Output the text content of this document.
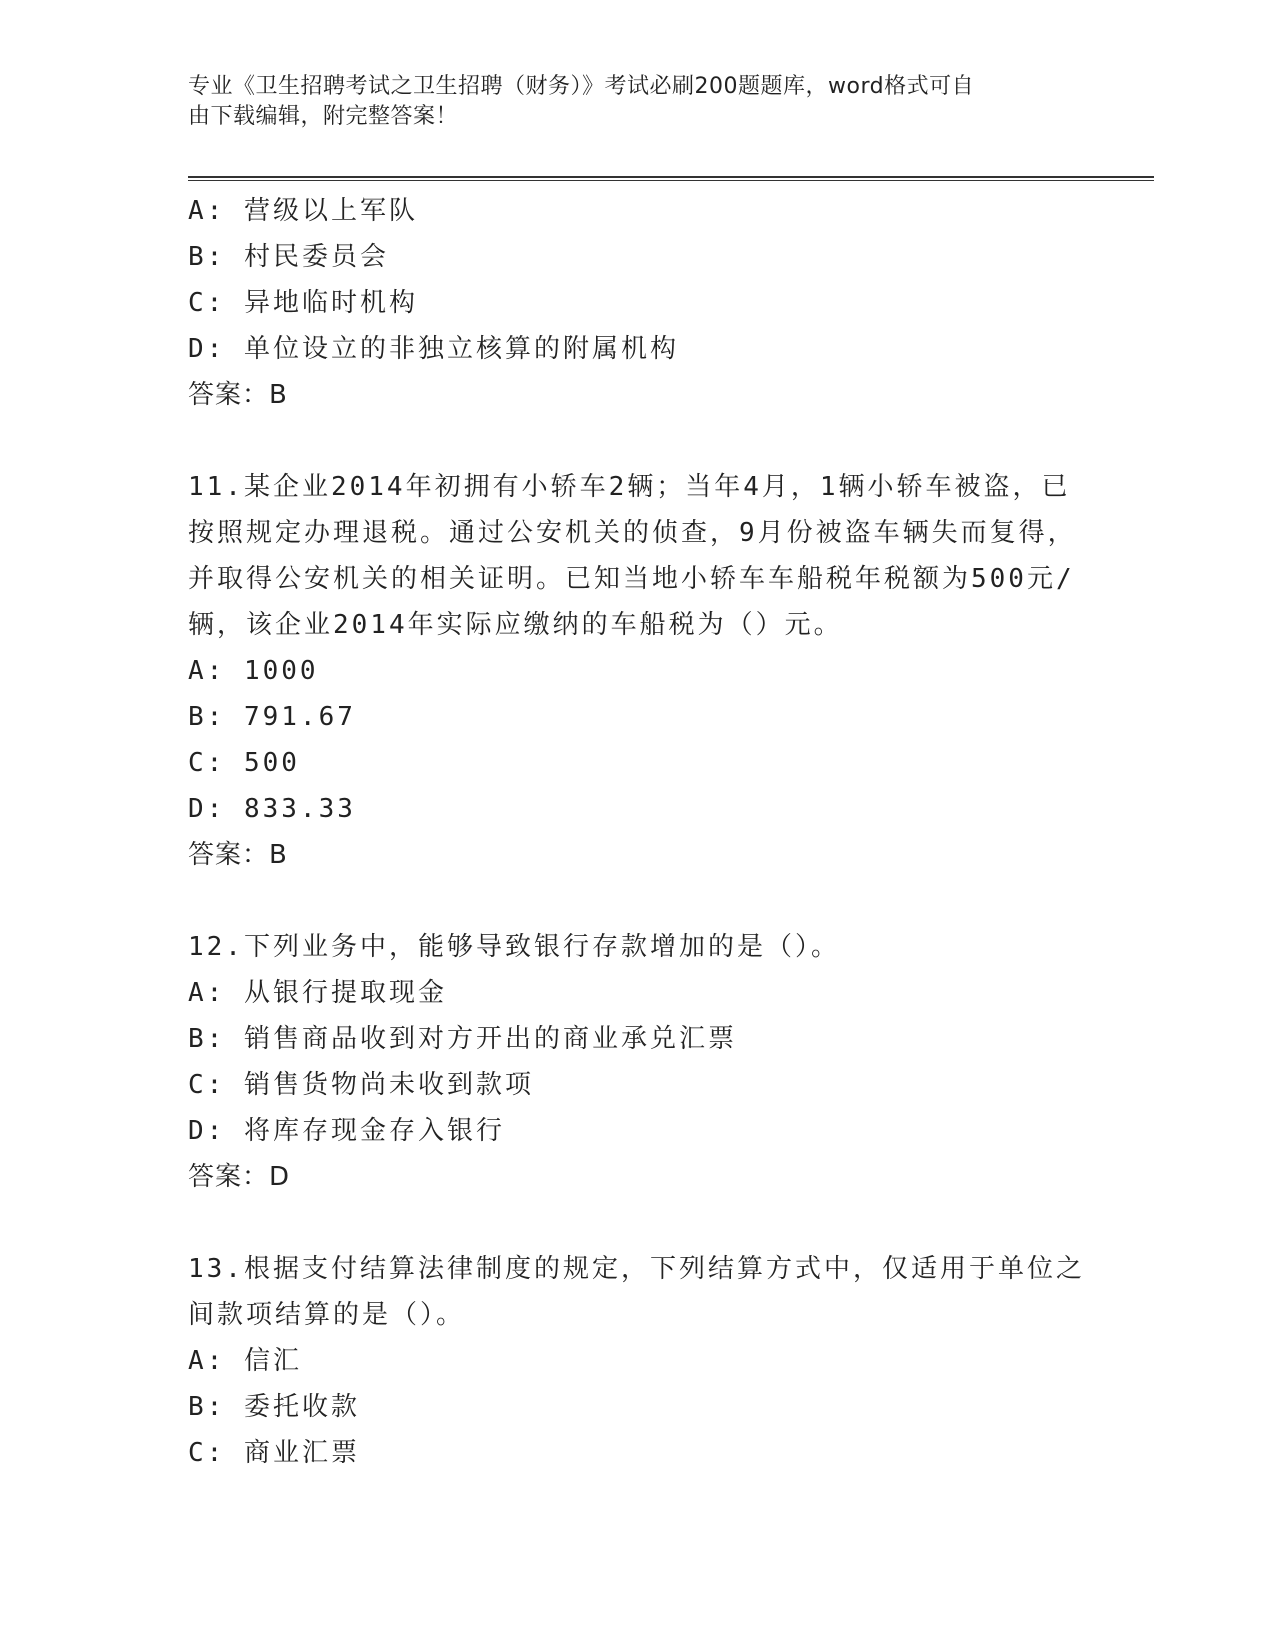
专业《卫生招聘考试之卫生招聘（财务）》考试必刷200题题库，word格式可自
由下载编辑，附完整答案！
A: 营级以上军队
B: 村民委员会
C: 异地临时机构
D: 单位设立的非独立核算的附属机构
答案：B
11.某企业2014年初拥有小轿车2辆；当年4月，1辆小轿车被盗，已
按照规定办理退税。通过公安机关的侦查，9月份被盗车辆失而复得，
并取得公安机关的相关证明。已知当地小轿车车船税年税额为500元/
辆，该企业2014年实际应缴纳的车船税为（）元。
A: 1000
B: 791.67
C: 500
D: 833.33
答案：B
12.下列业务中，能够导致银行存款增加的是（）。
A: 从银行提取现金
B: 销售商品收到对方开出的商业承兑汇票
C: 销售货物尚未收到款项
D: 将库存现金存入银行
答案：D
13.根据支付结算法律制度的规定，下列结算方式中，仅适用于单位之
间款项结算的是（）。
A: 信汇
B: 委托收款
C: 商业汇票
